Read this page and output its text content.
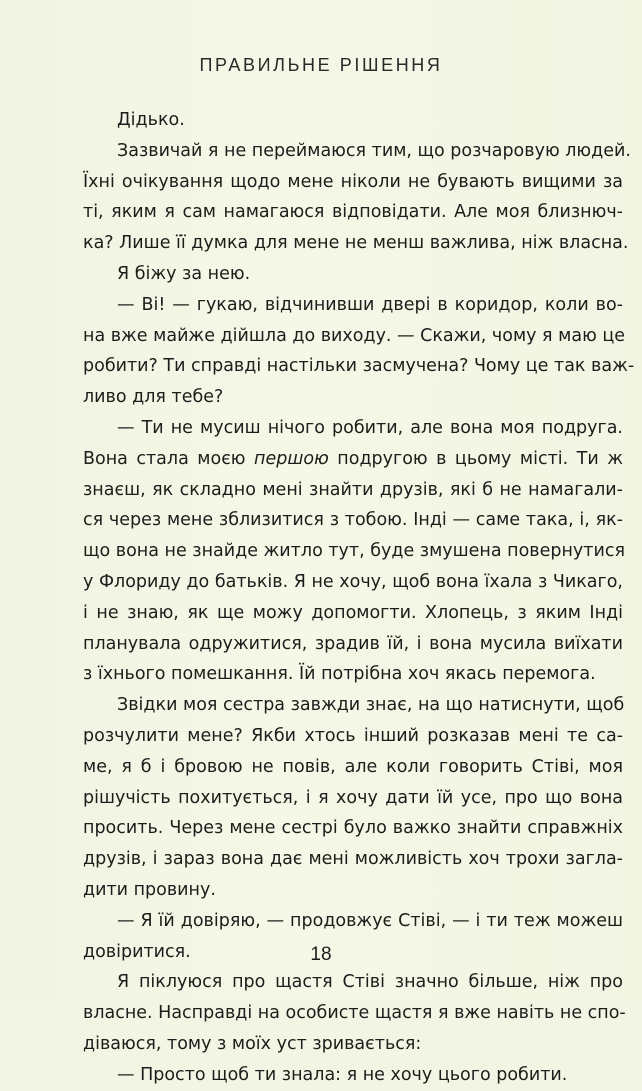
ПРАВИЛЬНЕ РІШЕННЯ
Дідько.
Зазвичай я не переймаюся тим, що розчаровую людей.
Їхні очікування щодо мене ніколи не бувають вищими за
ті, яким я сам намагаюся відповідати. Але моя близнюч-
ка? Лише її думка для мене не менш важлива, ніж власна.
Я біжу за нею.
— Ві! — гукаю, відчинивши двері в коридор, коли во-
на вже майже дійшла до виходу. — Скажи, чому я маю це
робити? Ти справді настільки засмучена? Чому це так важ-
ливо для тебе?
— Ти не мусиш нічого робити, але вона моя подруга.
Вона стала моєю першою подругою в цьому місті. Ти ж
знаєш, як складно мені знайти друзів, які б не намагали-
ся через мене зблизитися з тобою. Інді — саме така, і, як-
що вона не знайде житло тут, буде змушена повернутися
у Флориду до батьків. Я не хочу, щоб вона їхала з Чикаго,
і не знаю, як ще можу допомогти. Хлопець, з яким Інді
планувала одружитися, зрадив їй, і вона мусила виїхати
з їхнього помешкання. Їй потрібна хоч якась перемога.
Звідки моя сестра завжди знає, на що натиснути, щоб
розчулити мене? Якби хтось інший розказав мені те са-
ме, я б і бровою не повів, але коли говорить Стіві, моя
рішучість похитується, і я хочу дати їй усе, про що вона
просить. Через мене сестрі було важко знайти справжніх
друзів, і зараз вона дає мені можливість хоч трохи загла-
дити провину.
— Я їй довіряю, — продовжує Стіві, — і ти теж можеш
довіритися.
Я піклуюся про щастя Стіві значно більше, ніж про
власне. Насправді на особисте щастя я вже навіть не спо-
діваюся, тому з моїх уст зривається:
— Просто щоб ти знала: я не хочу цього робити.
18
